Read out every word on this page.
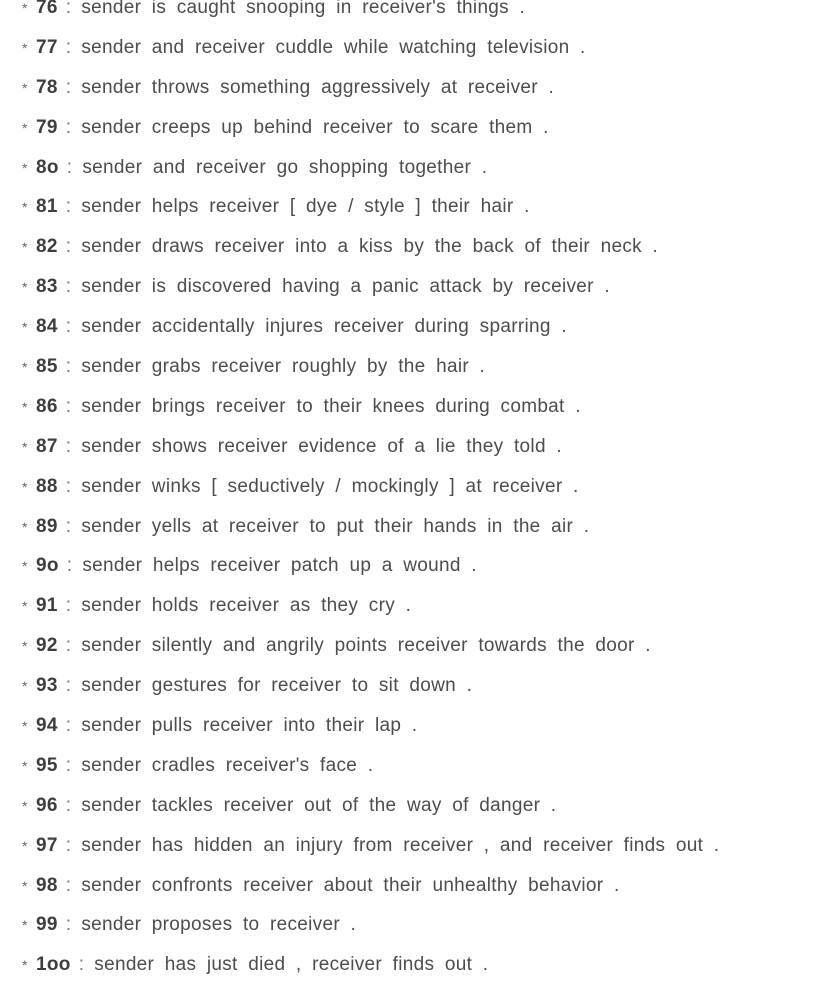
* 76 : sender is caught snooping in receiver's things .
* 77 : sender and receiver cuddle while watching television .
* 78 : sender throws something aggressively at receiver .
* 79 : sender creeps up behind receiver to scare them .
* 8o : sender and receiver go shopping together .
* 81 : sender helps receiver [ dye / style ] their hair .
* 82 : sender draws receiver into a kiss by the back of their neck .
* 83 : sender is discovered having a panic attack by receiver .
* 84 : sender accidentally injures receiver during sparring .
* 85 : sender grabs receiver roughly by the hair .
* 86 : sender brings receiver to their knees during combat .
* 87 : sender shows receiver evidence of a lie they told .
* 88 : sender winks [ seductively / mockingly ] at receiver .
* 89 : sender yells at receiver to put their hands in the air .
* 9o : sender helps receiver patch up a wound .
* 91 : sender holds receiver as they cry .
* 92 : sender silently and angrily points receiver towards the door .
* 93 : sender gestures for receiver to sit down .
* 94 : sender pulls receiver into their lap .
* 95 : sender cradles receiver's face .
* 96 : sender tackles receiver out of the way of danger .
* 97 : sender has hidden an injury from receiver , and receiver finds out .
* 98 : sender confronts receiver about their unhealthy behavior .
* 99 : sender proposes to receiver .
* 1oo : sender has just died , receiver finds out .
